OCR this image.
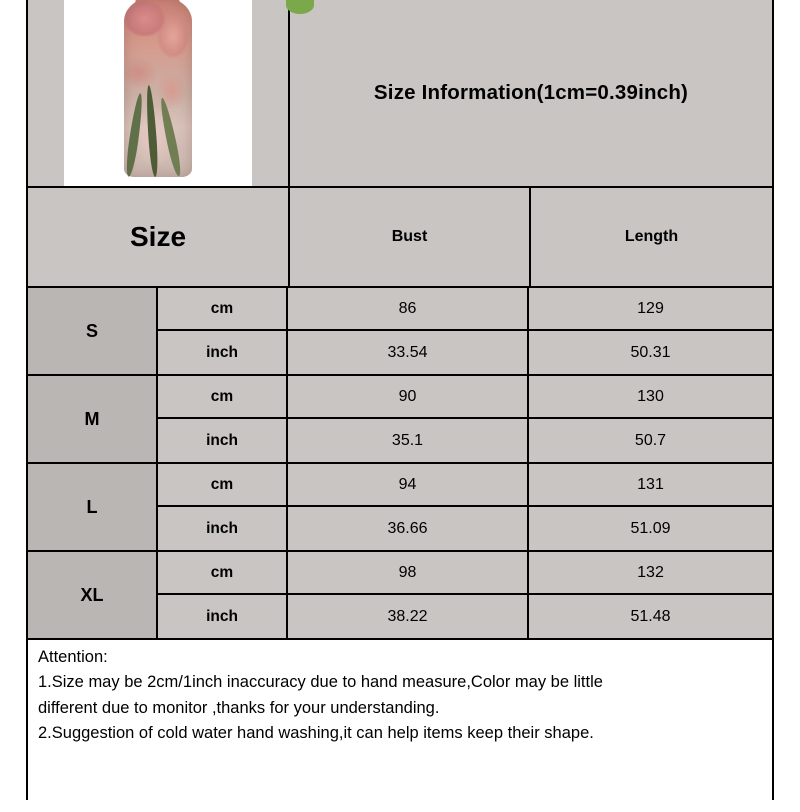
Size Information(1cm=0.39inch)
Size	Bust	Length
S
cm	86	129
inch	33.54	50.31
M
cm	90	130
inch	35.1	50.7
L
cm	94	131
inch	36.66	51.09
XL
cm	98	132
inch	38.22	51.48

Attention:

1.Size may be 2cm/1inch inaccuracy due to hand measure,Color may be little

different due to monitor ,thanks for your understanding.

2.Suggestion of cold water hand washing,it can help items keep their shape.
